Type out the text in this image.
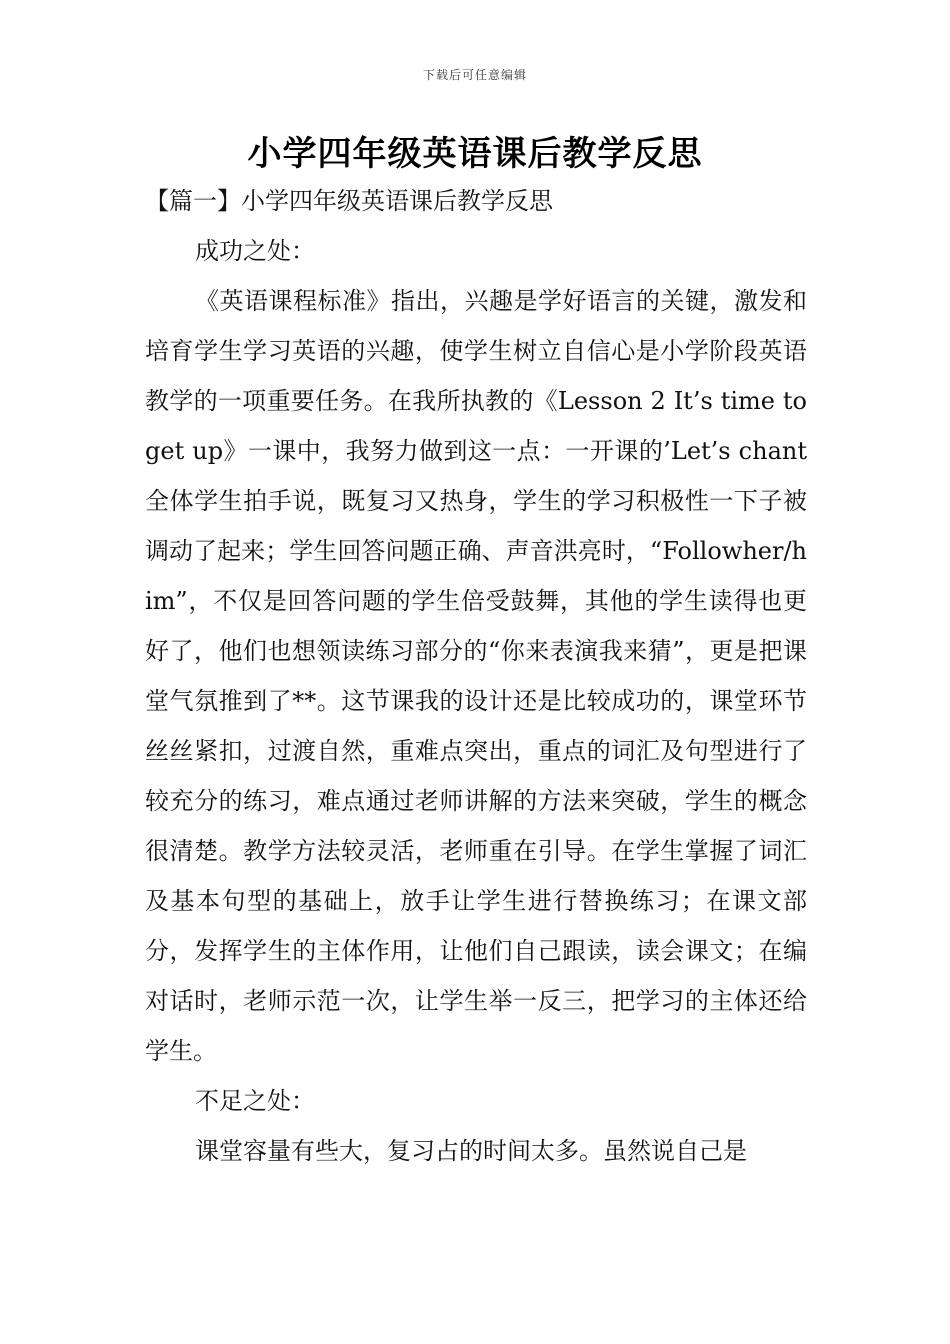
下载后可任意编辑
小学四年级英语课后教学反思

【篇一】小学四年级英语课后教学反思

成功之处：

《英语课程标准》指出，兴趣是学好语言的关键，激发和培育学生学习英语的兴趣，使学生树立自信心是小学阶段英语教学的一项重要任务。在我所执教的《Lesson 2 It’s time to get up》一课中，我努力做到这一点：一开课的’Let’s chant全体学生拍手说，既复习又热身，学生的学习积极性一下子被调动了起来；学生回答问题正确、声音洪亮时，“Followher/him”，不仅是回答问题的学生倍受鼓舞，其他的学生读得也更好了，他们也想领读练习部分的“你来表演我来猜”，更是把课堂气氛推到了**。这节课我的设计还是比较成功的，课堂环节丝丝紧扣，过渡自然，重难点突出，重点的词汇及句型进行了较充分的练习，难点通过老师讲解的方法来突破，学生的概念很清楚。教学方法较灵活，老师重在引导。在学生掌握了词汇及基本句型的基础上，放手让学生进行替换练习；在课文部分，发挥学生的主体作用，让他们自己跟读，读会课文；在编对话时，老师示范一次，让学生举一反三，把学习的主体还给学生。

不足之处：

课堂容量有些大，复习占的时间太多。虽然说自己是
